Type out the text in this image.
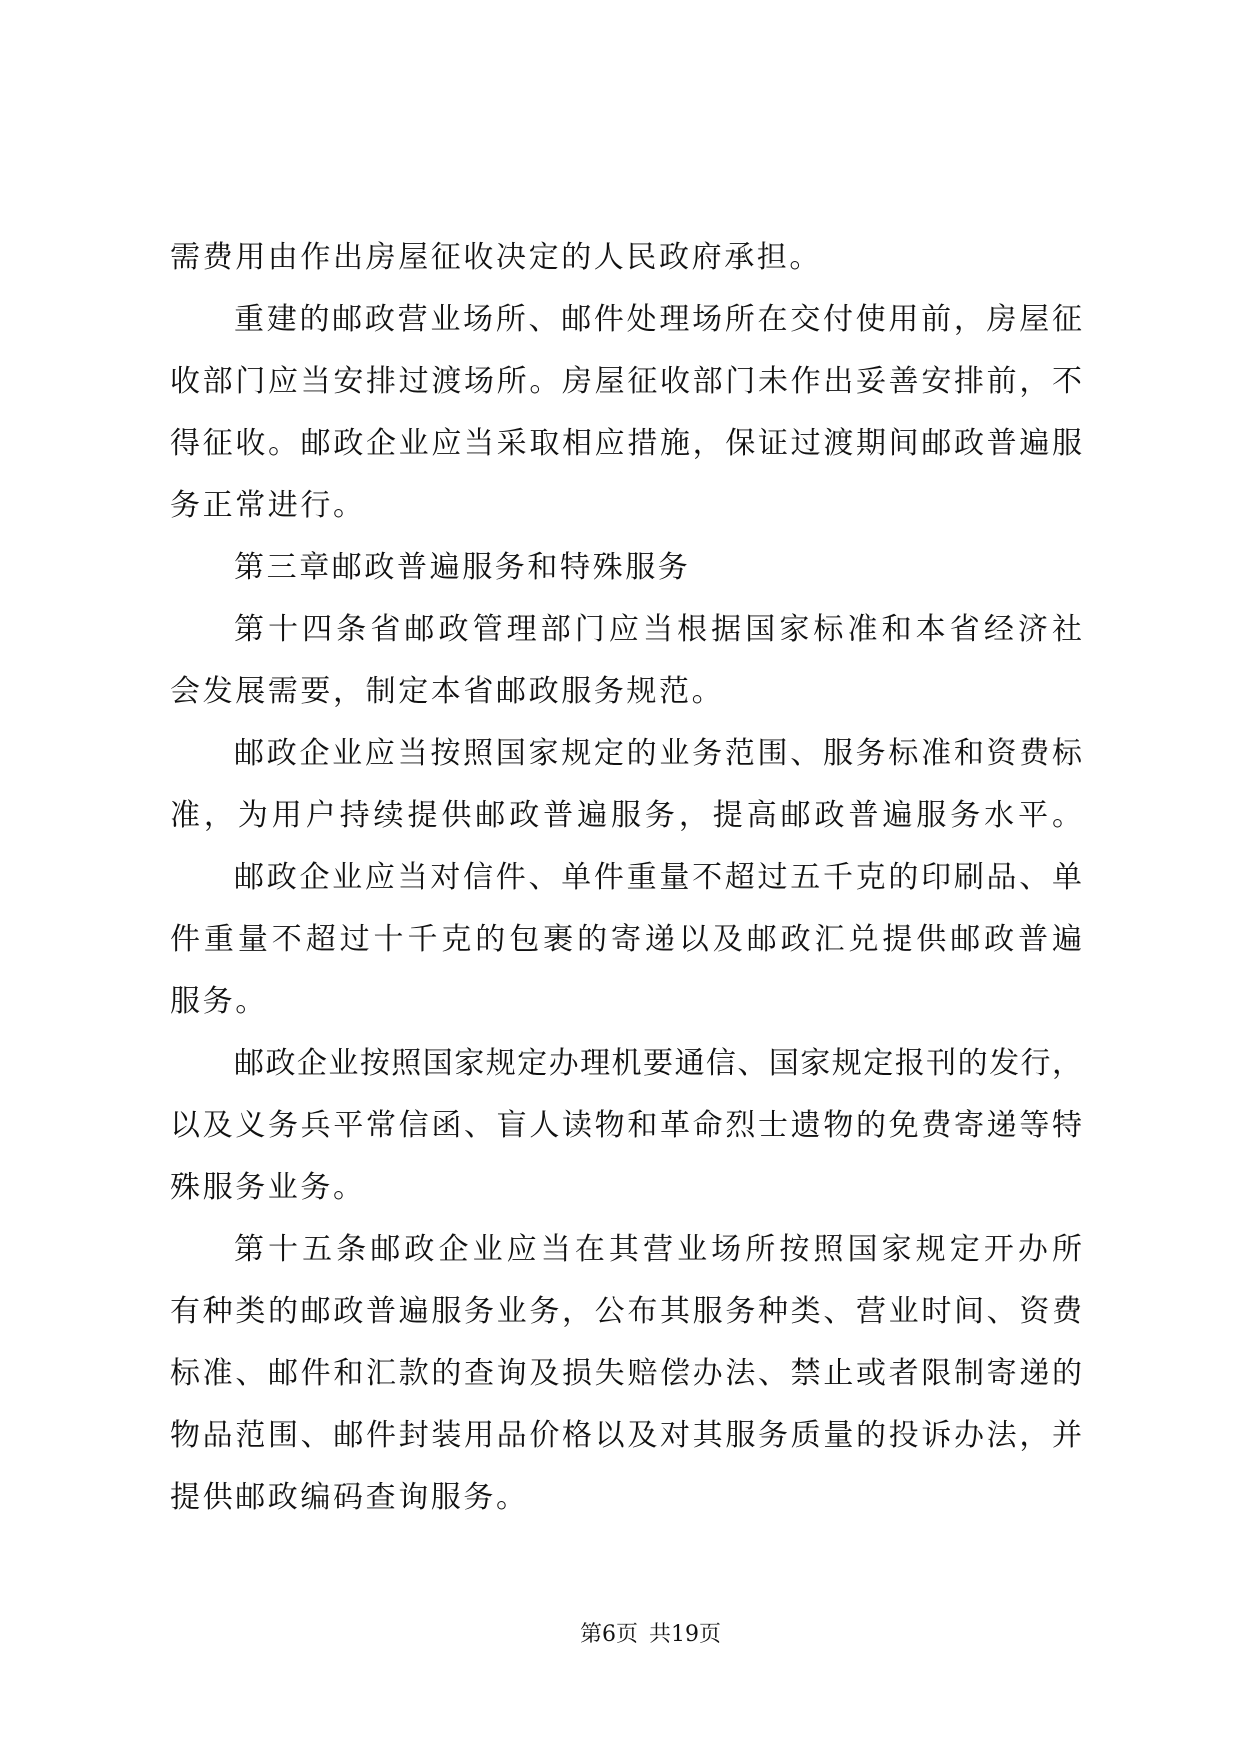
需费用由作出房屋征收决定的人民政府承担。
重建的邮政营业场所、邮件处理场所在交付使用前，房屋征
收部门应当安排过渡场所。房屋征收部门未作出妥善安排前，不
得征收。邮政企业应当采取相应措施，保证过渡期间邮政普遍服
务正常进行。
第三章邮政普遍服务和特殊服务
第十四条省邮政管理部门应当根据国家标准和本省经济社
会发展需要，制定本省邮政服务规范。
邮政企业应当按照国家规定的业务范围、服务标准和资费标
准，为用户持续提供邮政普遍服务，提高邮政普遍服务水平。
邮政企业应当对信件、单件重量不超过五千克的印刷品、单
件重量不超过十千克的包裹的寄递以及邮政汇兑提供邮政普遍
服务。
邮政企业按照国家规定办理机要通信、国家规定报刊的发行，
以及义务兵平常信函、盲人读物和革命烈士遗物的免费寄递等特
殊服务业务。
第十五条邮政企业应当在其营业场所按照国家规定开办所
有种类的邮政普遍服务业务，公布其服务种类、营业时间、资费
标准、邮件和汇款的查询及损失赔偿办法、禁止或者限制寄递的
物品范围、邮件封装用品价格以及对其服务质量的投诉办法，并
提供邮政编码查询服务。
第6页 共19页
